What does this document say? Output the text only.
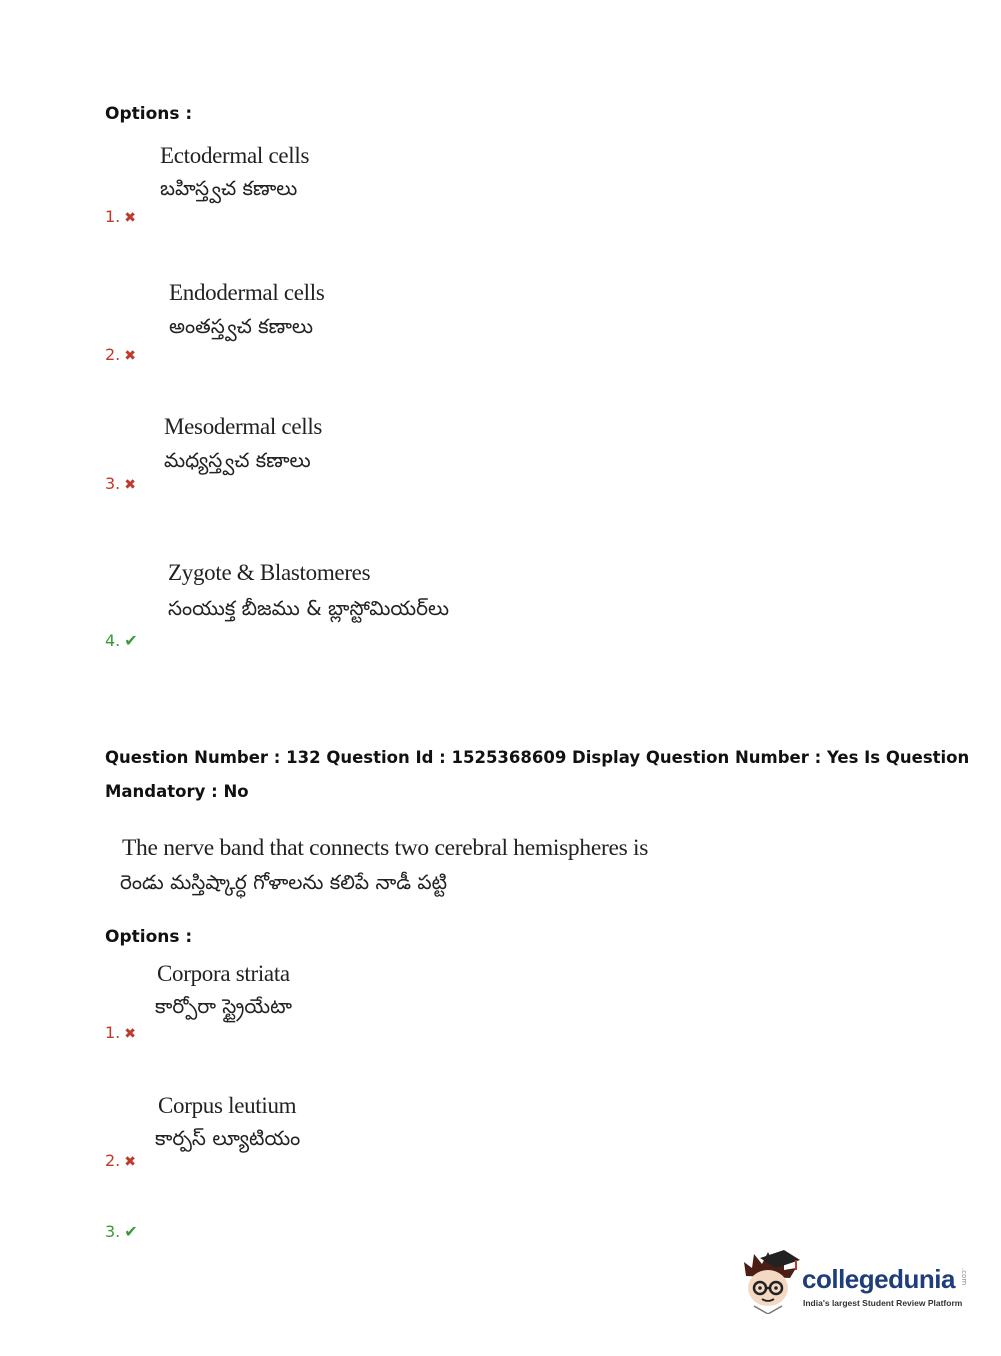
Options :
Ectodermal cells
బహిస్త్వచ కణాలు
1. ✖
Endodermal cells
అంతస్త్వచ కణాలు
2. ✖
Mesodermal cells
మధ్యస్త్వచ కణాలు
3. ✖
Zygote & Blastomeres
సంయుక్త బీజము & బ్లాస్టోమియర్‌లు
4. ✔
Question Number : 132 Question Id : 1525368609 Display Question Number : Yes Is Question
Mandatory : No
The nerve band that connects two cerebral hemispheres is
రెండు మస్తిష్కార్ధ గోళాలను కలిపే నాడీ పట్టి
Options :
Corpora striata
కార్పోరా స్ట్రైయేటా
1. ✖
Corpus leutium
కార్పస్ ల్యూటియం
2. ✖
3. ✔
collegedunia .com
India's largest Student Review Platform
